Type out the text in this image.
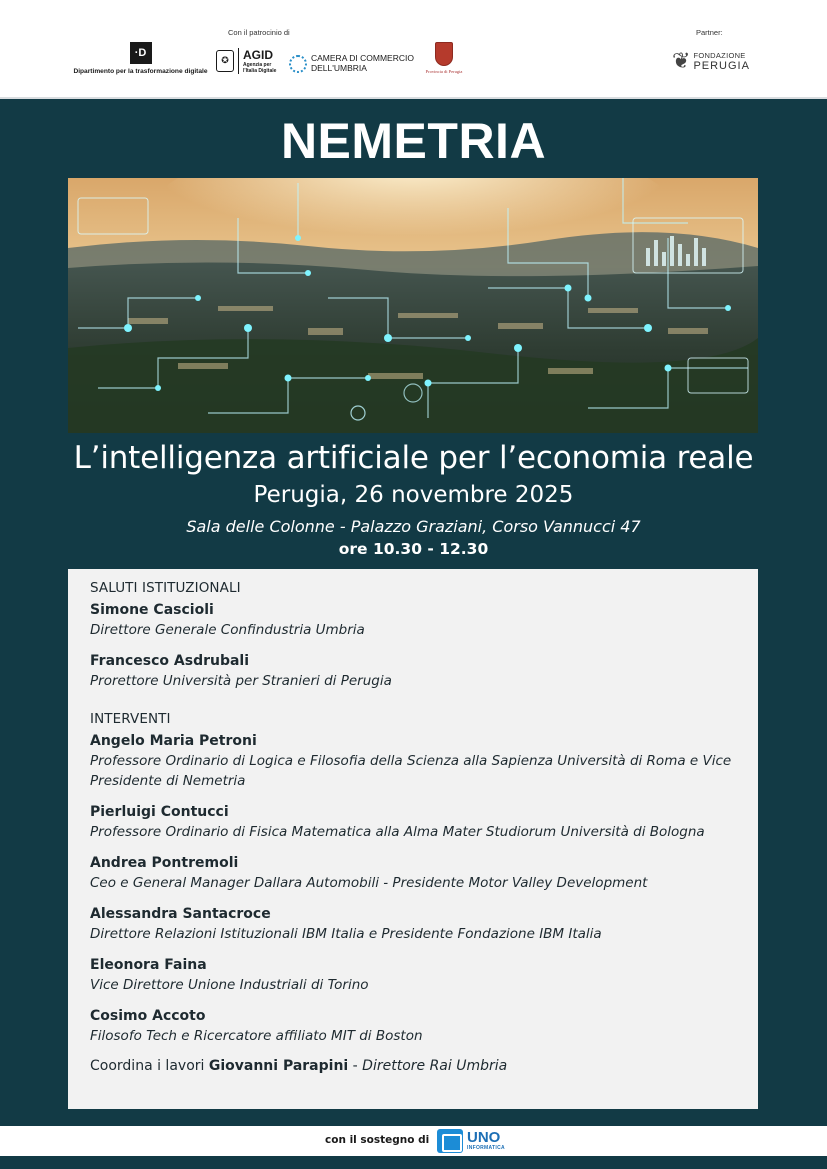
Con il patrocinio di	Partner:
·D
Dipartimento per la trasformazione digitale
✪	AGID
Agenzia per l'Italia Digitale
CAMERA DI COMMERCIO DELL'UMBRIA	Provincia di Perugia	❦ FONDAZIONE
PERUGIA
NEMETRIA
L’intelligenza artificiale per l’economia reale
Perugia, 26 novembre 2025
Sala delle Colonne - Palazzo Graziani, Corso Vannucci 47
ore 10.30 - 12.30
SALUTI ISTITUZIONALI
Simone Cascioli
Direttore Generale Confindustria Umbria
Francesco Asdrubali
Prorettore Università per Stranieri di Perugia
INTERVENTI
Angelo Maria Petroni
Professore Ordinario di Logica e Filosofia della Scienza alla Sapienza Università di Roma e Vice Presidente di Nemetria
Pierluigi Contucci
Professore Ordinario di Fisica Matematica alla Alma Mater Studiorum Università di Bologna
Andrea Pontremoli
Ceo e General Manager Dallara Automobili - Presidente Motor Valley Development
Alessandra Santacroce
Direttore Relazioni Istituzionali IBM Italia e Presidente Fondazione IBM Italia
Eleonora Faina
Vice Direttore Unione Industriali di Torino
Cosimo Accoto
Filosofo Tech e Ricercatore affiliato MIT di Boston
Coordina i lavori Giovanni Parapini - Direttore Rai Umbria
con il sostegno di	UNO
INFORMATICA
